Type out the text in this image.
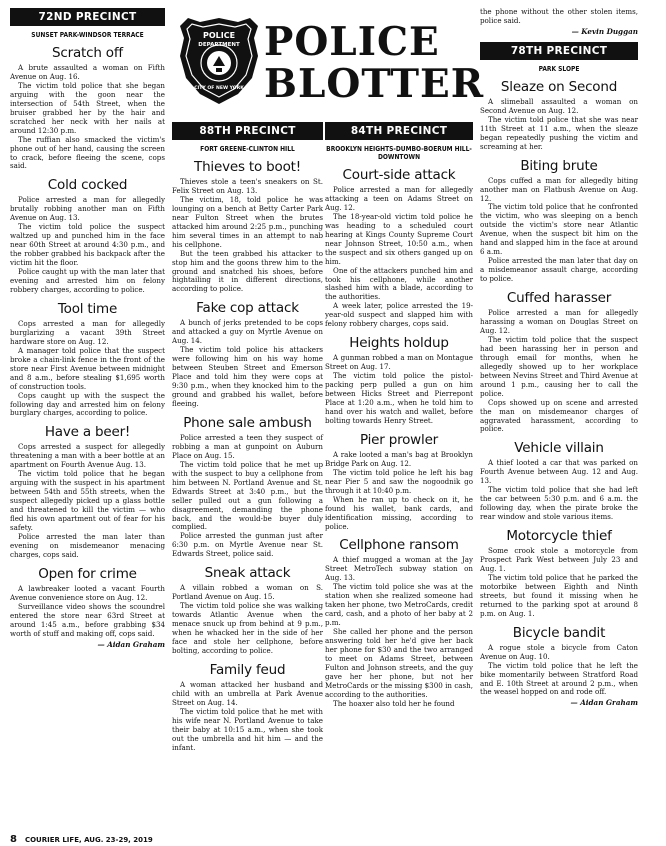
POLICE
DEPARTMENT
CITY OF NEW YORK
POLICE
BLOTTER
72ND PRECINCT
SUNSET PARK-WINDSOR TERRACE
Scratch off

A brute assaulted a woman on Fifth Avenue on Aug. 16.

The victim told police that she began arguing with the goon near the intersection of 54th Street, when the bruiser grabbed her by the hair and scratched her neck with her nails at around 12:30 p.m.

The ruffian also smacked the victim's phone out of her hand, causing the screen to crack, before fleeing the scene, cops said.

Cold cocked

Police arrested a man for allegedly brutally robbing another man on Fifth Avenue on Aug. 13.

The victim told police the suspect waltzed up and punched him in the face near 60th Street at around 4:30 p.m., and the robber grabbed his backpack after the victim hit the floor.

Police caught up with the man later that evening and arrested him on felony robbery charges, according to police.

Tool time

Cops arrested a man for allegedly burglarizing a vacant 39th Street hardware store on Aug. 12.

A manager told police that the suspect broke a chain-link fence in the front of the store near First Avenue between midnight and 8 a.m., before stealing $1,695 worth of construction tools.

Cops caught up with the suspect the following day and arrested him on felony burglary charges, according to police.

Have a beer!

Cops arrested a suspect for allegedly threatening a man with a beer bottle at an apartment on Fourth Avenue Aug. 13.

The victim told police that he began arguing with the suspect in his apartment between 54th and 55th streets, when the suspect allegedly picked up a glass bottle and threatened to kill the victim — who fled his own apartment out of fear for his safety.

Police arrested the man later than evening on misdemeanor menacing charges, cops said.

Open for crime

A lawbreaker looted a vacant Fourth Avenue convenience store on Aug. 12.

Surveillance video shows the scoundrel entered the store near 63rd Street at around 1:45 a.m., before grabbing $34 worth of stuff and making off, cops said.

— Aidan Graham
88TH PRECINCT
FORT GREENE-CLINTON HILL
Thieves to boot!

Thieves stole a teen's sneakers on St. Felix Street on Aug. 13.

The victim, 18, told police he was lounging on a bench at Betty Carter Park near Fulton Street when the brutes attacked him around 2:25 p.m., punching him several times in an attempt to nab his cellphone.

But the teen grabbed his attacker to stop him and the goons threw him to the ground and snatched his shoes, before hightailing it in different directions, according to police.

Fake cop attack

A bunch of jerks pretended to be cops and attacked a guy on Myrtle Avenue on Aug. 14.

The victim told police his attackers were following him on his way home between Steuben Street and Emerson Place and told him they were cops at 9:30 p.m., when they knocked him to the ground and grabbed his wallet, before fleeing.

Phone sale ambush

Police arrested a teen they suspect of robbing a man at gunpoint on Auburn Place on Aug. 15.

The victim told police that he met up with the suspect to buy a cellphone from him between N. Portland Avenue and St. Edwards Street at 3:40 p.m., but the seller pulled out a gun following a disagreement, demanding the phone back, and the would-be buyer duly complied.

Police arrested the gunman just after 6:30 p.m. on Myrtle Avenue near St. Edwards Street, police said.

Sneak attack

A villain robbed a woman on S. Portland Avenue on Aug. 15.

The victim told police she was walking towards Atlantic Avenue when the menace snuck up from behind at 9 p.m., when he whacked her in the side of her face and stole her cellphone, before bolting, according to police.

Family feud

A woman attacked her husband and child with an umbrella at Park Avenue Street on Aug. 14.

The victim told police that he met with his wife near N. Portland Avenue to take their baby at 10:15 a.m., when she took out the umbrella and hit him — and the infant.

84TH PRECINCT
BROOKLYN HEIGHTS-DUMBO-BOERUM HILL-DOWNTOWN
Court-side attack

Police arrested a man for allegedly attacking a teen on Adams Street on Aug. 12.

The 18-year-old victim told police he was heading to a scheduled court hearing at Kings County Supreme Court near Johnson Street, 10:50 a.m., when the suspect and six others ganged up on him.

One of the attackers punched him and took his cellphone, while another slashed him with a blade, according to the authorities.

A week later, police arrested the 19-year-old suspect and slapped him with felony robbery charges, cops said.

Heights holdup

A gunman robbed a man on Montague Street on Aug. 17.

The victim told police the pistol-packing perp pulled a gun on him between Hicks Street and Pierrepont Place at 1:20 a.m., when he told him to hand over his watch and wallet, before bolting towards Henry Street.

Pier prowler

A rake looted a man's bag at Brooklyn Bridge Park on Aug. 12.

The victim told police he left his bag near Pier 5 and saw the nogoodnik go through it at 10:40 p.m.

When he ran up to check on it, he found his wallet, bank cards, and identification missing, according to police.

Cellphone ransom

A thief mugged a woman at the Jay Street MetroTech subway station on Aug. 13.

The victim told police she was at the station when she realized someone had taken her phone, two MetroCards, credit card, cash, and a photo of her baby at 2 p.m.

She called her phone and the person answering told her he'd give her back her phone for $30 and the two arranged to meet on Adams Street, between Fulton and Johnson streets, and the guy gave her her phone, but not her MetroCards or the missing $300 in cash, according to the authorities.

The hoaxer also told her he found

the phone without the other stolen items, police said.

— Kevin Duggan
78TH PRECINCT
PARK SLOPE
Sleaze on Second

A slimeball assaulted a woman on Second Avenue on Aug. 12.

The victim told police that she was near 11th Street at 11 a.m., when the sleaze began repeatedly pushing the victim and screaming at her.

Biting brute

Cops cuffed a man for allegedly biting another man on Flatbush Avenue on Aug. 12.

The victim told police that he confronted the victim, who was sleeping on a bench outside the victim's store near Atlantic Avenue, when the suspect bit him on the hand and slapped him in the face at around 6 a.m.

Police arrested the man later that day on a misdemeanor assault charge, according to police.

Cuffed harasser

Police arrested a man for allegedly harassing a woman on Douglas Street on Aug. 12.

The victim told police that the suspect had been harassing her in person and through email for months, when he allegedly showed up to her workplace between Nevins Street and Third Avenue at around 1 p.m., causing her to call the police.

Cops showed up on scene and arrested the man on misdemeanor charges of aggravated harassment, according to police.

Vehicle villain

A thief looted a car that was parked on Fourth Avenue between Aug. 12 and Aug. 13.

The victim told police that she had left the car between 5:30 p.m. and 6 a.m. the following day, when the pirate broke the rear window and stole various items.

Motorcycle thief

Some crook stole a motorcycle from Prospect Park West between July 23 and Aug. 1.

The victim told police that he parked the motorbike between Eighth and Ninth streets, but found it missing when he returned to the parking spot at around 8 p.m. on Aug. 1.

Bicycle bandit

A rogue stole a bicycle from Caton Avenue on Aug. 10.

The victim told police that he left the bike momentarily between Stratford Road and E. 10th Street at around 2 p.m., when the weasel hopped on and rode off.

— Aidan Graham
8 COURIER LIFE, AUG. 23-29, 2019
